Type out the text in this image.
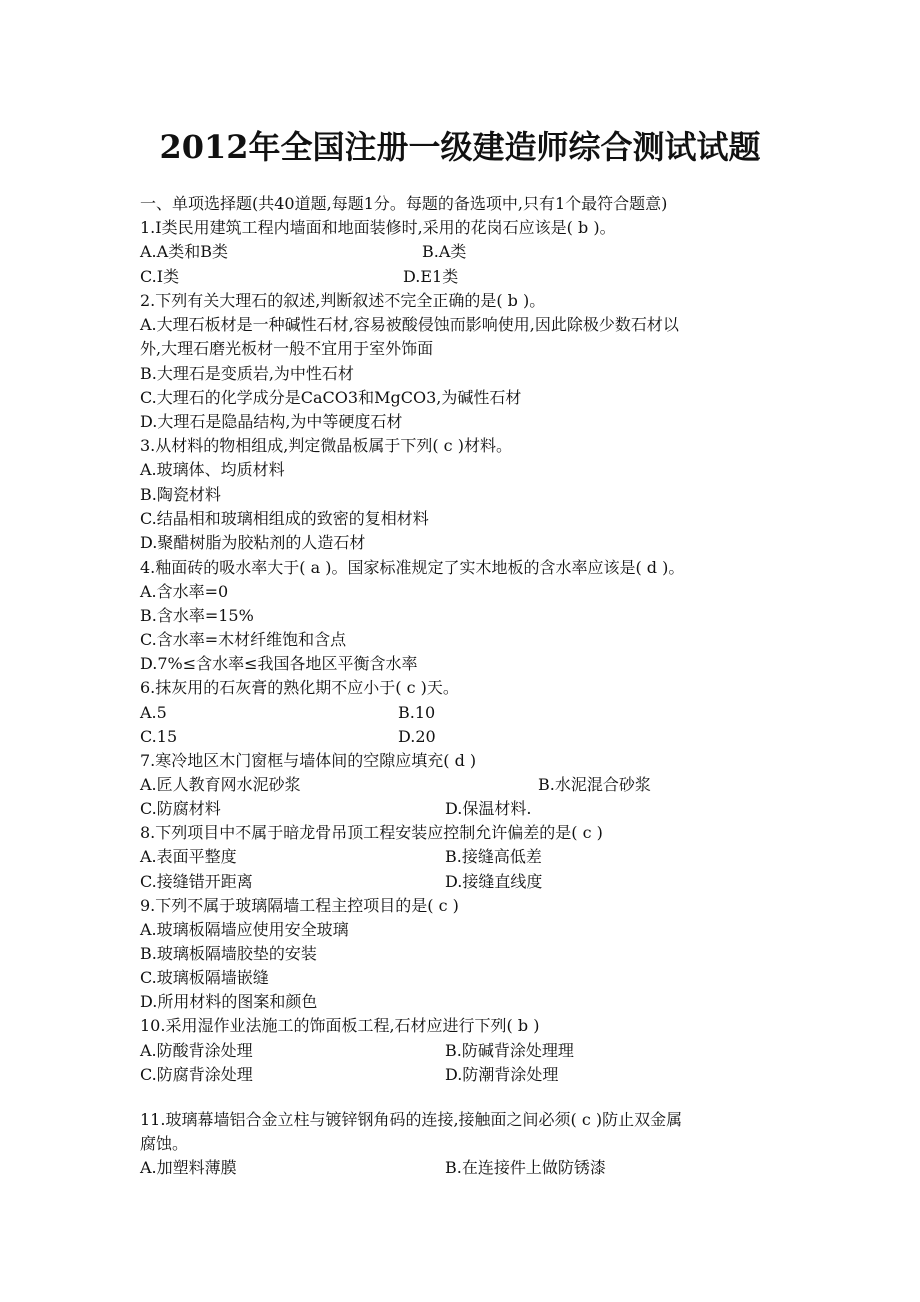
2012年全国注册一级建造师综合测试试题
一、单项选择题(共40道题,每题1分。每题的备选项中,只有1个最符合题意)
1.Ⅰ类民用建筑工程内墙面和地面装修时,采用的花岗石应该是( b )。
A.A类和B类	B.A类
C.Ⅰ类	D.E1类
2.下列有关大理石的叙述,判断叙述不完全正确的是( b )。
A.大理石板材是一种碱性石材,容易被酸侵蚀而影响使用,因此除极少数石材以
外,大理石磨光板材一般不宜用于室外饰面
B.大理石是变质岩,为中性石材
C.大理石的化学成分是CaCO3和MgCO3,为碱性石材
D.大理石是隐晶结构,为中等硬度石材
3.从材料的物相组成,判定微晶板属于下列( c )材料。
A.玻璃体、均质材料
B.陶瓷材料
C.结晶相和玻璃相组成的致密的复相材料
D.聚醋树脂为胶粘剂的人造石材
4.釉面砖的吸水率大于( a )。国家标准规定了实木地板的含水率应该是( d )。
A.含水率=0
B.含水率=15%
C.含水率=木材纤维饱和含点
D.7%≤含水率≤我国各地区平衡含水率
6.抹灰用的石灰膏的熟化期不应小于( c )天。
A.5	B.10
C.15	D.20
7.寒冷地区木门窗框与墙体间的空隙应填充( d )
A.匠人教育网水泥砂浆	B.水泥混合砂浆
C.防腐材料	D.保温材料.
8.下列项目中不属于暗龙骨吊顶工程安装应控制允许偏差的是( c )
A.表面平整度	B.接缝高低差
C.接缝错开距离	D.接缝直线度
9.下列不属于玻璃隔墙工程主控项目的是( c )
A.玻璃板隔墙应使用安全玻璃
B.玻璃板隔墙胶垫的安装
C.玻璃板隔墙嵌缝
D.所用材料的图案和颜色
10.采用湿作业法施工的饰面板工程,石材应进行下列( b )
A.防酸背涂处理	B.防碱背涂处理理
C.防腐背涂处理	D.防潮背涂处理
11.玻璃幕墙铝合金立柱与镀锌钢角码的连接,接触面之间必须( c )防止双金属
腐蚀。
A.加塑料薄膜	B.在连接件上做防锈漆
